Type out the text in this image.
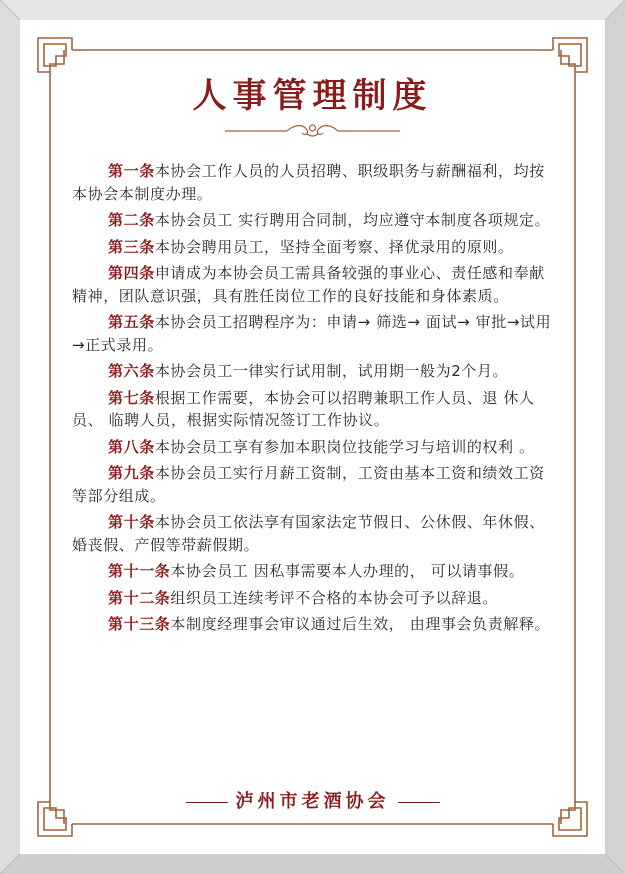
人事管理制度

第一条本协会工作人员的人员招聘、职级职务与薪酬福利，均按本协会本制度办理。

第二条本协会员工 实行聘用合同制，均应遵守本制度各项规定。

第三条本协会聘用员工，坚持全面考察、择优录用的原则。

第四条申请成为本协会员工需具备较强的事业心、责任感和奉献精神，团队意识强，具有胜任岗位工作的良好技能和身体素质。

第五条本协会员工招聘程序为：申请→ 筛选→ 面试→ 审批→试用→正式录用。

第六条本协会员工一律实行试用制，试用期一般为2个月。

第七条根据工作需要，本协会可以招聘兼职工作人员、退 休人员、 临聘人员，根据实际情况签订工作协议。

第八条本协会员工享有参加本职岗位技能学习与培训的权利 。

第九条本协会员工实行月薪工资制，工资由基本工资和绩效工资等部分组成。

第十条本协会员工依法享有国家法定节假日、公休假、年休假、婚丧假、产假等带薪假期。

第十一条本协会员工 因私事需要本人办理的， 可以请事假。

第十二条组织员工连续考评不合格的本协会可予以辞退。

第十三条本制度经理事会审议通过后生效， 由理事会负责解释。

泸州市老酒协会
